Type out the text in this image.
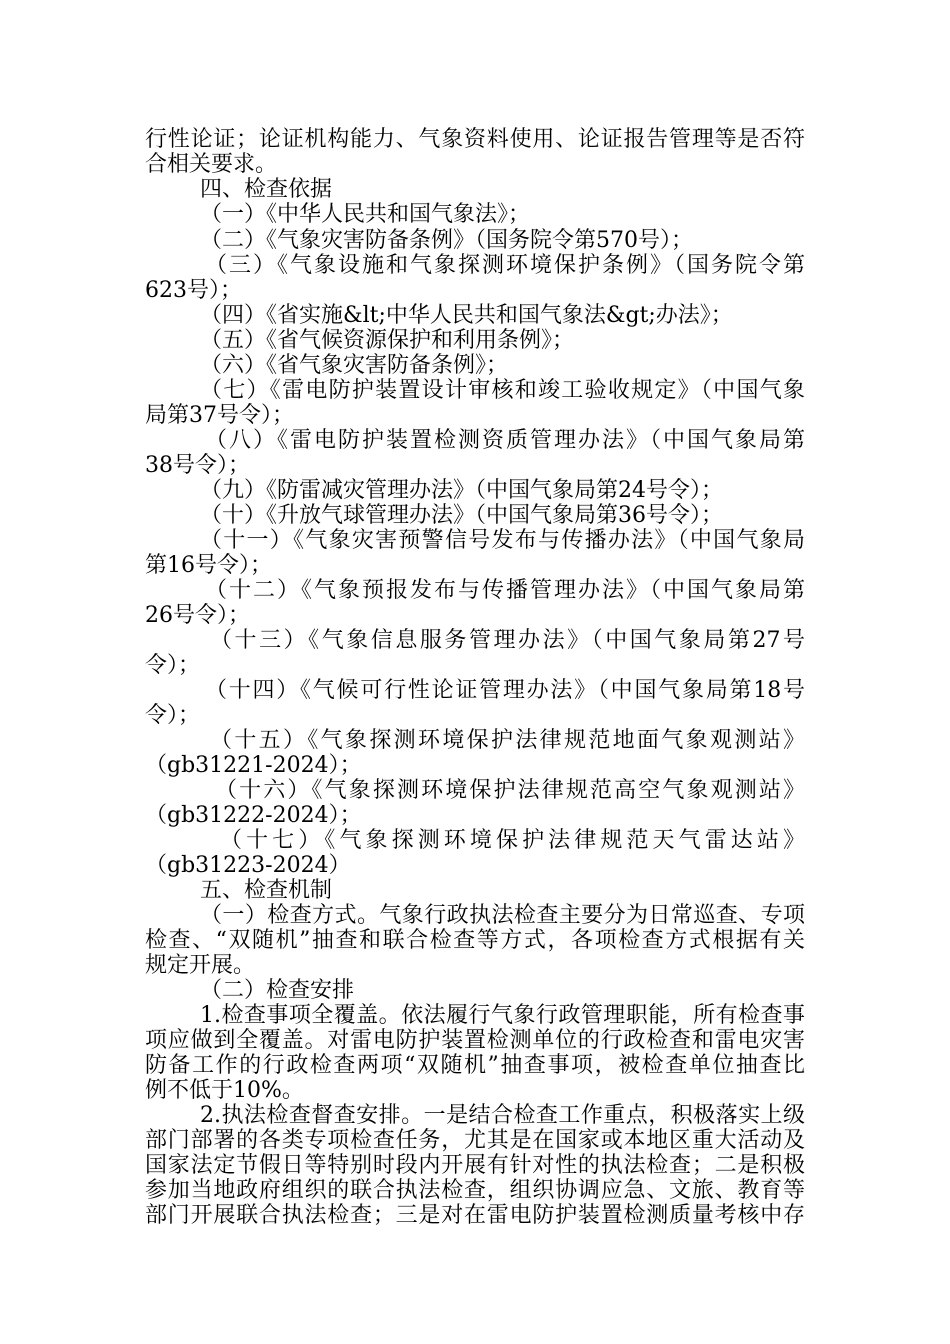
行性论证；论证机构能力、气象资料使用、论证报告管理等是否符
合相关要求。
四、检查依据
（一）《中华人民共和国气象法》；
（二）《气象灾害防备条例》（国务院令第570号）；
（三）《气象设施和气象探测环境保护条例》（国务院令第
623号）；
（四）《省实施&lt;中华人民共和国气象法&gt;办法》；
（五）《省气候资源保护和利用条例》；
（六）《省气象灾害防备条例》；
（七）《雷电防护装置设计审核和竣工验收规定》（中国气象
局第37号令）；
（八）《雷电防护装置检测资质管理办法》（中国气象局第
38号令）；
（九）《防雷减灾管理办法》（中国气象局第24号令）；
（十）《升放气球管理办法》（中国气象局第36号令）；
（十一）《气象灾害预警信号发布与传播办法》（中国气象局
第16号令）；
（十二）《气象预报发布与传播管理办法》（中国气象局第
26号令）；
（十三）《气象信息服务管理办法》（中国气象局第27号
令）；
（十四）《气候可行性论证管理办法》（中国气象局第18号
令）；
（十五）《气象探测环境保护法律规范地面气象观测站》
（gb31221-2024）；
（十六）《气象探测环境保护法律规范高空气象观测站》
（gb31222-2024）；
（十七）《气象探测环境保护法律规范天气雷达站》
（gb31223-2024）
五、检查机制
（一）检查方式。气象行政执法检查主要分为日常巡查、专项
检查、“双随机”抽查和联合检查等方式，各项检查方式根据有关
规定开展。
（二）检查安排
1.检查事项全覆盖。依法履行气象行政管理职能，所有检查事
项应做到全覆盖。对雷电防护装置检测单位的行政检查和雷电灾害
防备工作的行政检查两项“双随机”抽查事项，被检查单位抽查比
例不低于10%。
2.执法检查督查安排。一是结合检查工作重点，积极落实上级
部门部署的各类专项检查任务，尤其是在国家或本地区重大活动及
国家法定节假日等特别时段内开展有针对性的执法检查；二是积极
参加当地政府组织的联合执法检查，组织协调应急、文旅、教育等
部门开展联合执法检查；三是对在雷电防护装置检测质量考核中存
